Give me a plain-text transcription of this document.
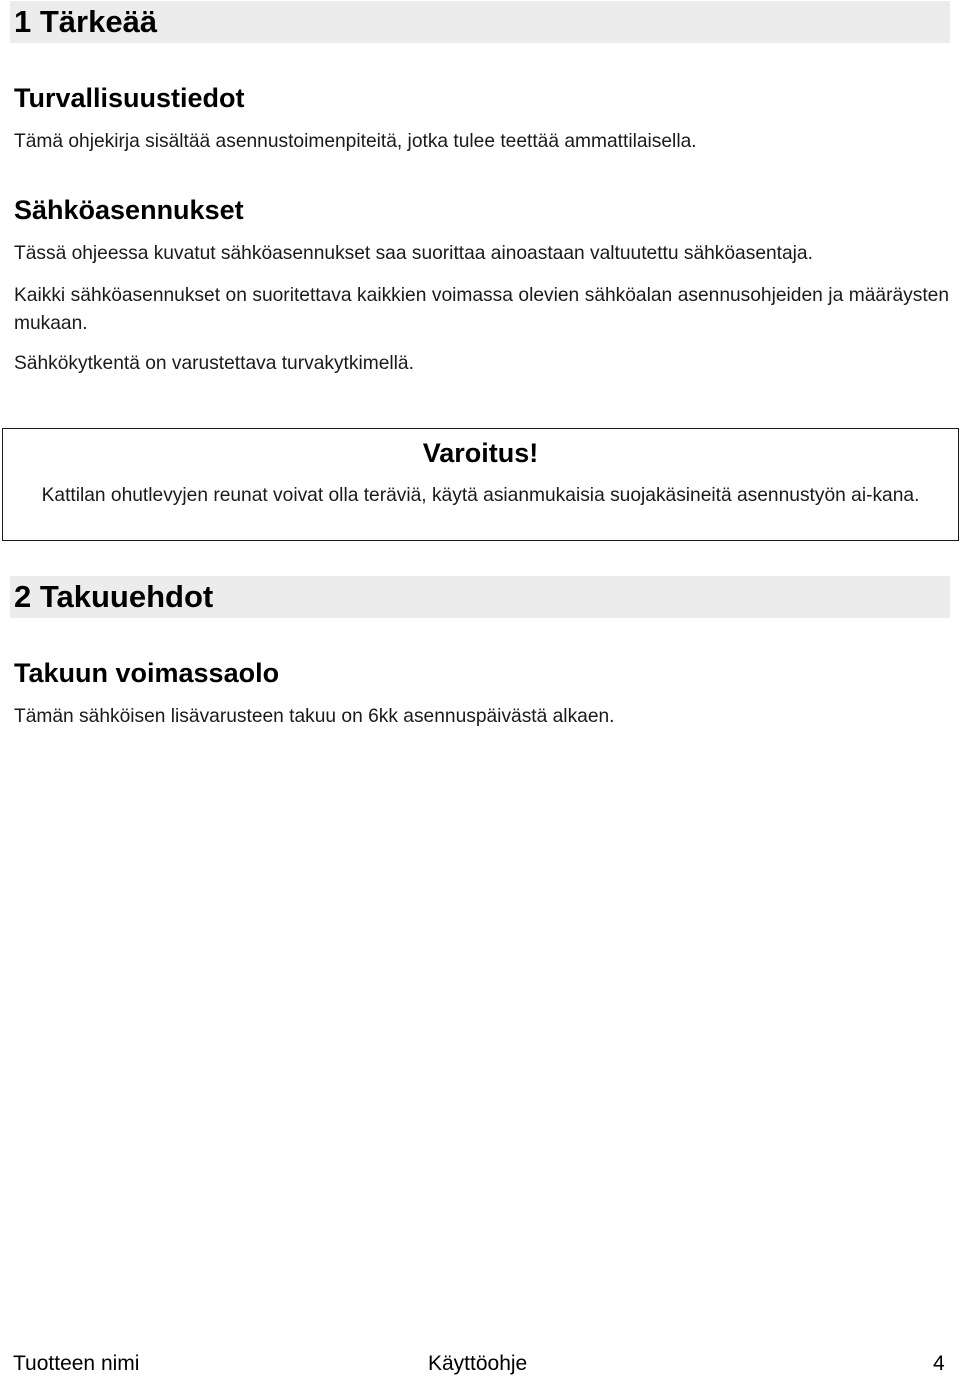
1 Tärkeää
Turvallisuustiedot
Tämä ohjekirja sisältää asennustoimenpiteitä, jotka tulee teettää ammattilaisella.
Sähköasennukset
Tässä ohjeessa kuvatut sähköasennukset saa suorittaa ainoastaan valtuutettu sähköasentaja.
Kaikki sähköasennukset on suoritettava kaikkien voimassa olevien sähköalan asennusohjeiden ja määräysten mukaan.
Sähkökytkentä on varustettava turvakytkimellä.
Varoitus!
Kattilan ohutlevyjen reunat voivat olla teräviä, käytä asianmukaisia suojakäsineitä asennustyön ai-kana.
2 Takuuehdot
Takuun voimassaolo
Tämän sähköisen lisävarusteen takuu on 6kk asennuspäivästä alkaen.
Tuotteen nimi	Käyttöohje	4
